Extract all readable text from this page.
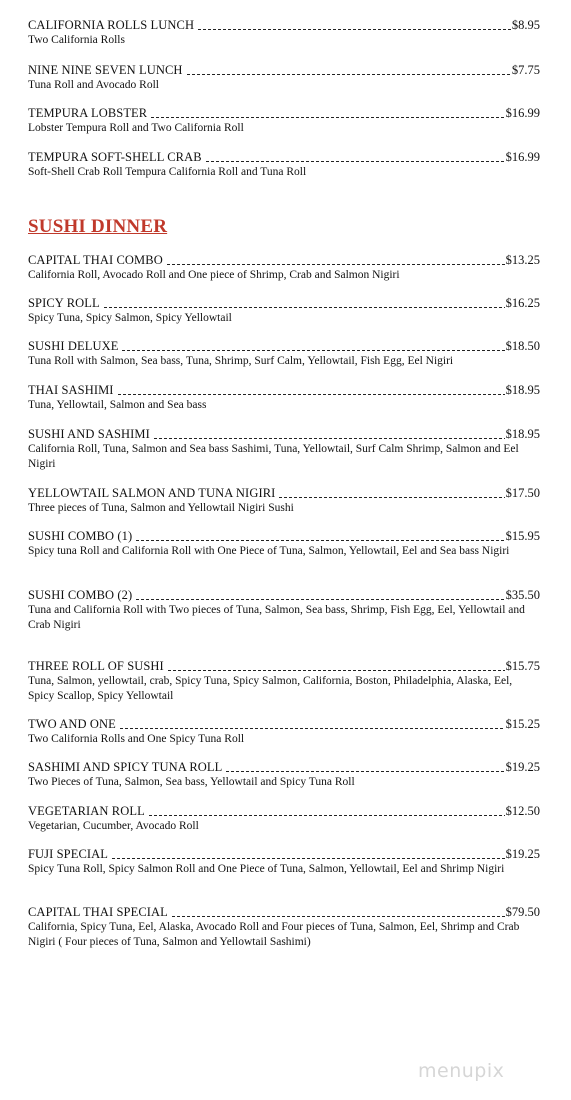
CALIFORNIA ROLLS LUNCH	$8.95
Two California Rolls
NINE NINE SEVEN LUNCH	$7.75
Tuna Roll and Avocado Roll
TEMPURA LOBSTER	$16.99
Lobster Tempura Roll and Two California Roll
TEMPURA SOFT-SHELL CRAB	$16.99
Soft-Shell Crab Roll Tempura California Roll and Tuna Roll
SUSHI DINNER
CAPITAL THAI COMBO	$13.25
California Roll, Avocado Roll and One piece of Shrimp, Crab and Salmon Nigiri
SPICY ROLL	$16.25
Spicy Tuna, Spicy Salmon, Spicy Yellowtail
SUSHI DELUXE	$18.50
Tuna Roll with Salmon, Sea bass, Tuna, Shrimp, Surf Calm, Yellowtail, Fish Egg, Eel Nigiri
THAI SASHIMI	$18.95
Tuna, Yellowtail, Salmon and Sea bass
SUSHI AND SASHIMI	$18.95
California Roll, Tuna, Salmon and Sea bass Sashimi, Tuna, Yellowtail, Surf Calm Shrimp, Salmon and Eel Nigiri
YELLOWTAIL SALMON AND TUNA NIGIRI	$17.50
Three pieces of Tuna, Salmon and Yellowtail Nigiri Sushi
SUSHI COMBO (1)	$15.95
Spicy tuna Roll and California Roll with One Piece of Tuna, Salmon, Yellowtail, Eel and Sea bass Nigiri
SUSHI COMBO (2)	$35.50
Tuna and California Roll with Two pieces of Tuna, Salmon, Sea bass, Shrimp, Fish Egg, Eel, Yellowtail and Crab Nigiri
THREE ROLL OF SUSHI	$15.75
Tuna, Salmon, yellowtail, crab, Spicy Tuna, Spicy Salmon, California, Boston, Philadelphia, Alaska, Eel, Spicy Scallop, Spicy Yellowtail
TWO AND ONE	$15.25
Two California Rolls and One Spicy Tuna Roll
SASHIMI AND SPICY TUNA ROLL	$19.25
Two Pieces of Tuna, Salmon, Sea bass, Yellowtail and Spicy Tuna Roll
VEGETARIAN ROLL	$12.50
Vegetarian, Cucumber, Avocado Roll
FUJI SPECIAL	$19.25
Spicy Tuna Roll, Spicy Salmon Roll and One Piece of Tuna, Salmon, Yellowtail, Eel and Shrimp Nigiri
CAPITAL THAI SPECIAL	$79.50
California, Spicy Tuna, Eel, Alaska, Avocado Roll and Four pieces of Tuna, Salmon, Eel, Shrimp and Crab Nigiri ( Four pieces of Tuna, Salmon and Yellowtail Sashimi)
menupix
